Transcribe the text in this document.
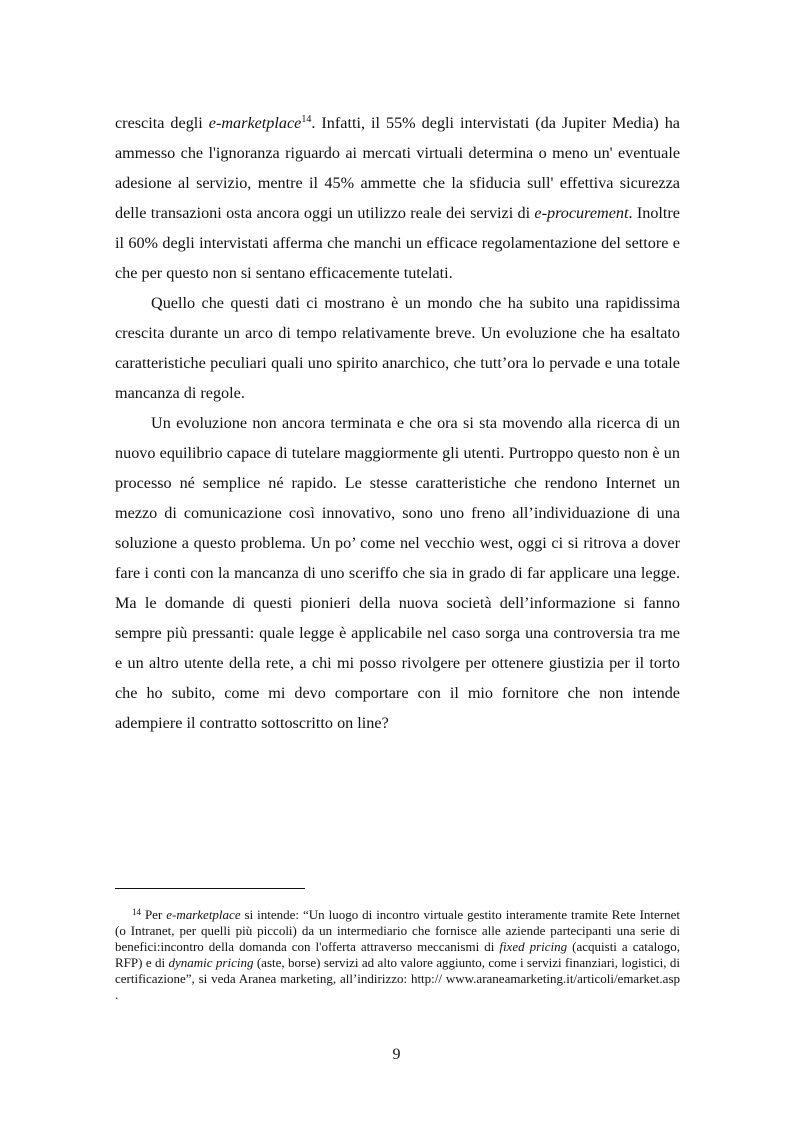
crescita degli e-marketplace$^{14}$. Infatti, il 55% degli intervistati (da Jupiter Media) ha ammesso che l'ignoranza riguardo ai mercati virtuali determina o meno un' eventuale adesione al servizio, mentre il 45% ammette che la sfiducia sull' effettiva sicurezza delle transazioni osta ancora oggi un utilizzo reale dei servizi di e-procurement. Inoltre il 60% degli intervistati afferma che manchi un efficace regolamentazione del settore e che per questo non si sentano efficacemente tutelati.

Quello che questi dati ci mostrano è un mondo che ha subito una rapidissima crescita durante un arco di tempo relativamente breve. Un evoluzione che ha esaltato caratteristiche peculiari quali uno spirito anarchico, che tutt’ora lo pervade e una totale mancanza di regole.

Un evoluzione non ancora terminata e che ora si sta movendo alla ricerca di un nuovo equilibrio capace di tutelare maggiormente gli utenti. Purtroppo questo non è un processo né semplice né rapido. Le stesse caratteristiche che rendono Internet un mezzo di comunicazione così innovativo, sono uno freno all’individuazione di una soluzione a questo problema. Un po’ come nel vecchio west, oggi ci si ritrova a dover fare i conti con la mancanza di uno sceriffo che sia in grado di far applicare una legge. Ma le domande di questi pionieri della nuova società dell’informazione si fanno sempre più pressanti: quale legge è applicabile nel caso sorga una controversia tra me e un altro utente della rete, a chi mi posso rivolgere per ottenere giustizia per il torto che ho subito, come mi devo comportare con il mio fornitore che non intende adempiere il contratto sottoscritto on line?

$^{14}$ Per e-marketplace si intende: “Un luogo di incontro virtuale gestito interamente tramite Rete Internet (o Intranet, per quelli più piccoli) da un intermediario che fornisce alle aziende partecipanti una serie di benefici:incontro della domanda con l'offerta attraverso meccanismi di fixed pricing (acquisti a catalogo, RFP) e di dynamic pricing (aste, borse) servizi ad alto valore aggiunto, come i servizi finanziari, logistici, di certificazione”, si veda Aranea marketing, all’indirizzo: http:// www.araneamarketing.it/articoli/emarket.asp .

9
